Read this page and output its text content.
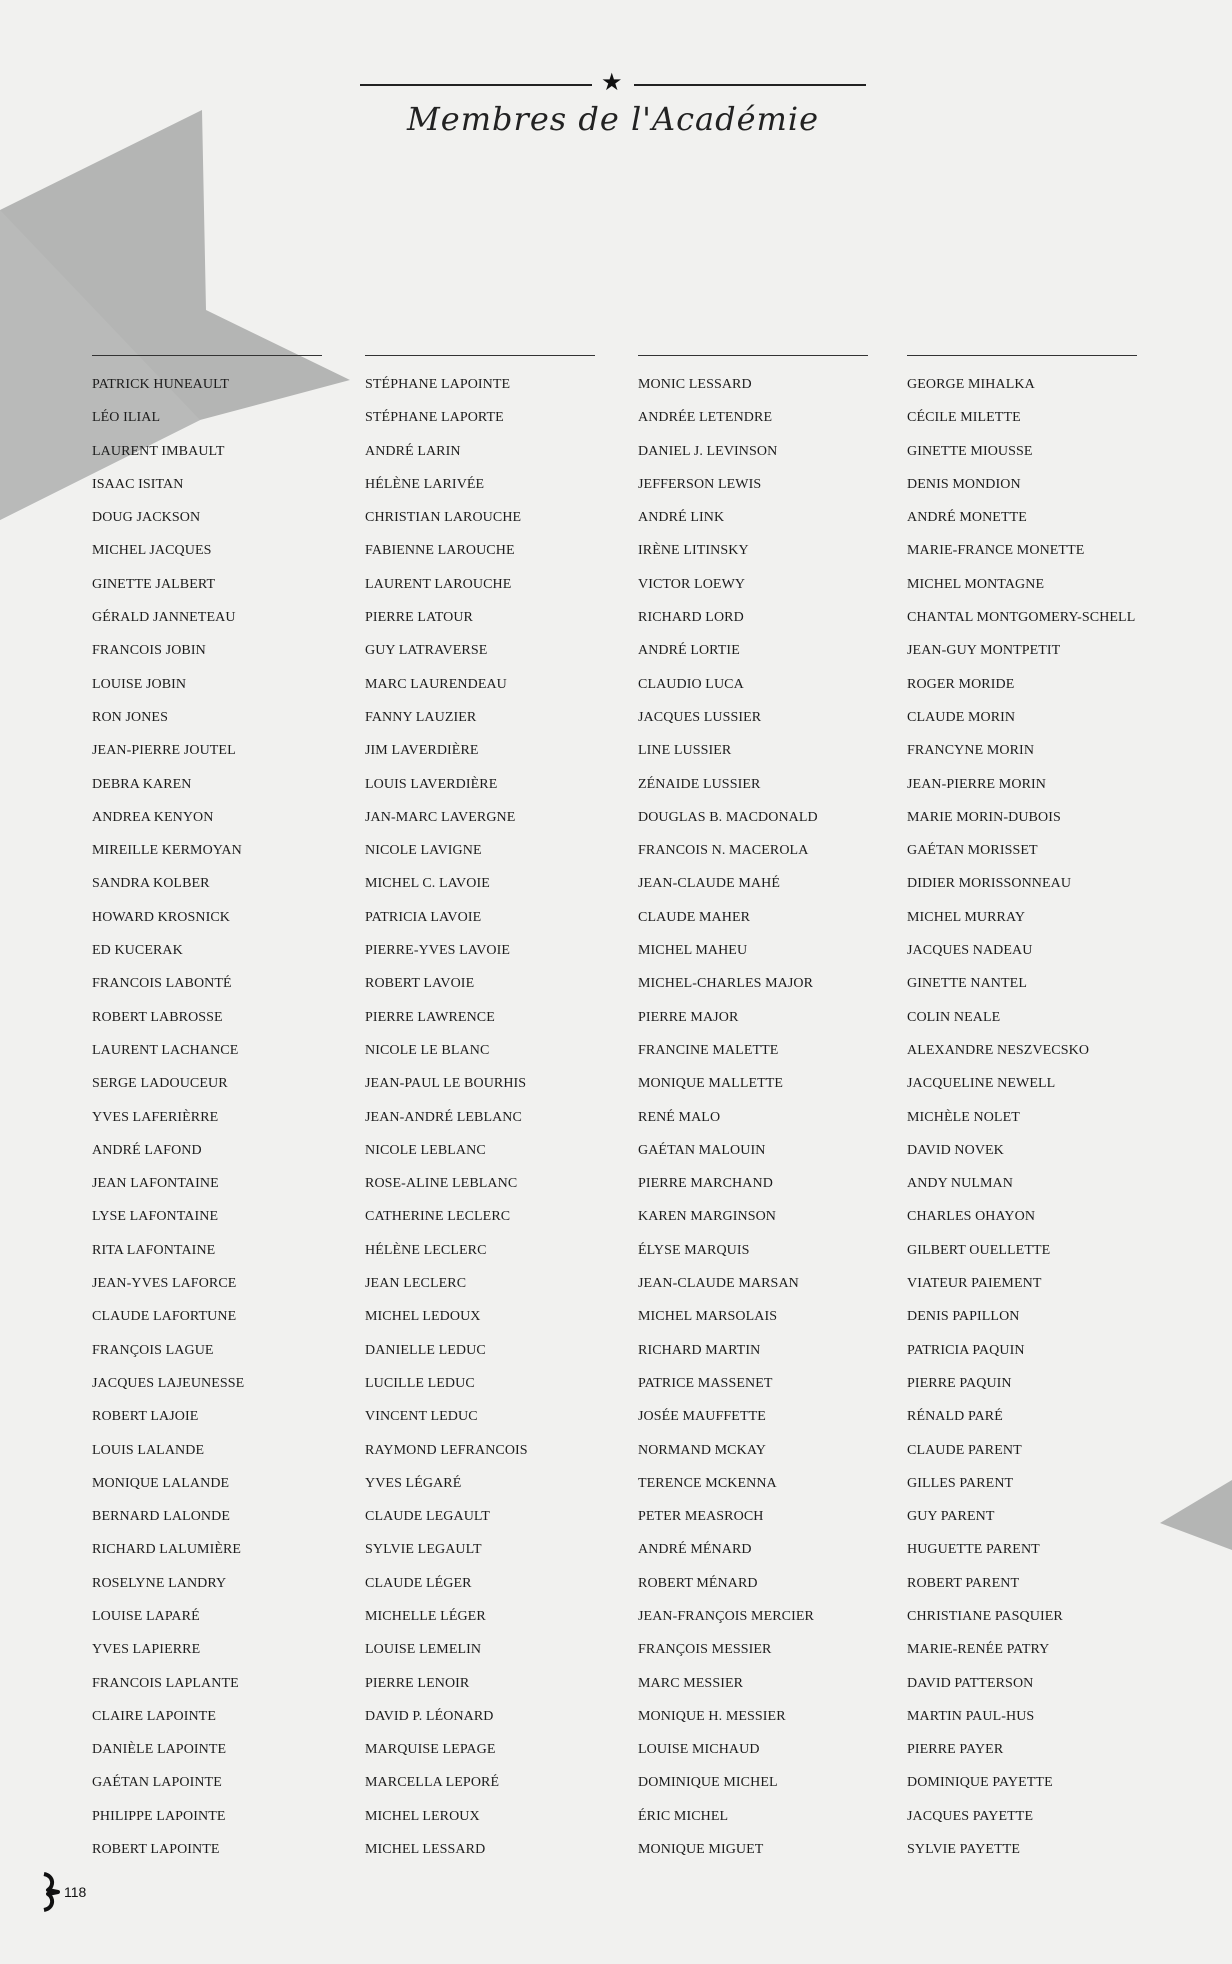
★
Membres de l'Académie
PATRICK HUNEAULT
LÉO ILIAL
LAURENT IMBAULT
ISAAC ISITAN
DOUG JACKSON
MICHEL JACQUES
GINETTE JALBERT
GÉRALD JANNETEAU
FRANCOIS JOBIN
LOUISE JOBIN
RON JONES
JEAN-PIERRE JOUTEL
DEBRA KAREN
ANDREA KENYON
MIREILLE KERMOYAN
SANDRA KOLBER
HOWARD KROSNICK
ED KUCERAK
FRANCOIS LABONTÉ
ROBERT LABROSSE
LAURENT LACHANCE
SERGE LADOUCEUR
YVES LAFERIÈRRE
ANDRÉ LAFOND
JEAN LAFONTAINE
LYSE LAFONTAINE
RITA LAFONTAINE
JEAN-YVES LAFORCE
CLAUDE LAFORTUNE
FRANÇOIS LAGUE
JACQUES LAJEUNESSE
ROBERT LAJOIE
LOUIS LALANDE
MONIQUE LALANDE
BERNARD LALONDE
RICHARD LALUMIÈRE
ROSELYNE LANDRY
LOUISE LAPARÉ
YVES LAPIERRE
FRANCOIS LAPLANTE
CLAIRE LAPOINTE
DANIÈLE LAPOINTE
GAÉTAN LAPOINTE
PHILIPPE LAPOINTE
ROBERT LAPOINTE
STÉPHANE LAPOINTE
STÉPHANE LAPORTE
ANDRÉ LARIN
HÉLÈNE LARIVÉE
CHRISTIAN LAROUCHE
FABIENNE LAROUCHE
LAURENT LAROUCHE
PIERRE LATOUR
GUY LATRAVERSE
MARC LAURENDEAU
FANNY LAUZIER
JIM LAVERDIÈRE
LOUIS LAVERDIÈRE
JAN-MARC LAVERGNE
NICOLE LAVIGNE
MICHEL C. LAVOIE
PATRICIA LAVOIE
PIERRE-YVES LAVOIE
ROBERT LAVOIE
PIERRE LAWRENCE
NICOLE LE BLANC
JEAN-PAUL LE BOURHIS
JEAN-ANDRÉ LEBLANC
NICOLE LEBLANC
ROSE-ALINE LEBLANC
CATHERINE LECLERC
HÉLÈNE LECLERC
JEAN LECLERC
MICHEL LEDOUX
DANIELLE LEDUC
LUCILLE LEDUC
VINCENT LEDUC
RAYMOND LEFRANCOIS
YVES LÉGARÉ
CLAUDE LEGAULT
SYLVIE LEGAULT
CLAUDE LÉGER
MICHELLE LÉGER
LOUISE LEMELIN
PIERRE LENOIR
DAVID P. LÉONARD
MARQUISE LEPAGE
MARCELLA LEPORÉ
MICHEL LEROUX
MICHEL LESSARD
MONIC LESSARD
ANDRÉE LETENDRE
DANIEL J. LEVINSON
JEFFERSON LEWIS
ANDRÉ LINK
IRÈNE LITINSKY
VICTOR LOEWY
RICHARD LORD
ANDRÉ LORTIE
CLAUDIO LUCA
JACQUES LUSSIER
LINE LUSSIER
ZÉNAIDE LUSSIER
DOUGLAS B. MACDONALD
FRANCOIS N. MACEROLA
JEAN-CLAUDE MAHÉ
CLAUDE MAHER
MICHEL MAHEU
MICHEL-CHARLES MAJOR
PIERRE MAJOR
FRANCINE MALETTE
MONIQUE MALLETTE
RENÉ MALO
GAÉTAN MALOUIN
PIERRE MARCHAND
KAREN MARGINSON
ÉLYSE MARQUIS
JEAN-CLAUDE MARSAN
MICHEL MARSOLAIS
RICHARD MARTIN
PATRICE MASSENET
JOSÉE MAUFFETTE
NORMAND MCKAY
TERENCE MCKENNA
PETER MEASROCH
ANDRÉ MÉNARD
ROBERT MÉNARD
JEAN-FRANÇOIS MERCIER
FRANÇOIS MESSIER
MARC MESSIER
MONIQUE H. MESSIER
LOUISE MICHAUD
DOMINIQUE MICHEL
ÉRIC MICHEL
MONIQUE MIGUET
GEORGE MIHALKA
CÉCILE MILETTE
GINETTE MIOUSSE
DENIS MONDION
ANDRÉ MONETTE
MARIE-FRANCE MONETTE
MICHEL MONTAGNE
CHANTAL MONTGOMERY-SCHELL
JEAN-GUY MONTPETIT
ROGER MORIDE
CLAUDE MORIN
FRANCYNE MORIN
JEAN-PIERRE MORIN
MARIE MORIN-DUBOIS
GAÉTAN MORISSET
DIDIER MORISSONNEAU
MICHEL MURRAY
JACQUES NADEAU
GINETTE NANTEL
COLIN NEALE
ALEXANDRE NESZVECSKO
JACQUELINE NEWELL
MICHÈLE NOLET
DAVID NOVEK
ANDY NULMAN
CHARLES OHAYON
GILBERT OUELLETTE
VIATEUR PAIEMENT
DENIS PAPILLON
PATRICIA PAQUIN
PIERRE PAQUIN
RÉNALD PARÉ
CLAUDE PARENT
GILLES PARENT
GUY PARENT
HUGUETTE PARENT
ROBERT PARENT
CHRISTIANE PASQUIER
MARIE-RENÉE PATRY
DAVID PATTERSON
MARTIN PAUL-HUS
PIERRE PAYER
DOMINIQUE PAYETTE
JACQUES PAYETTE
SYLVIE PAYETTE
118
